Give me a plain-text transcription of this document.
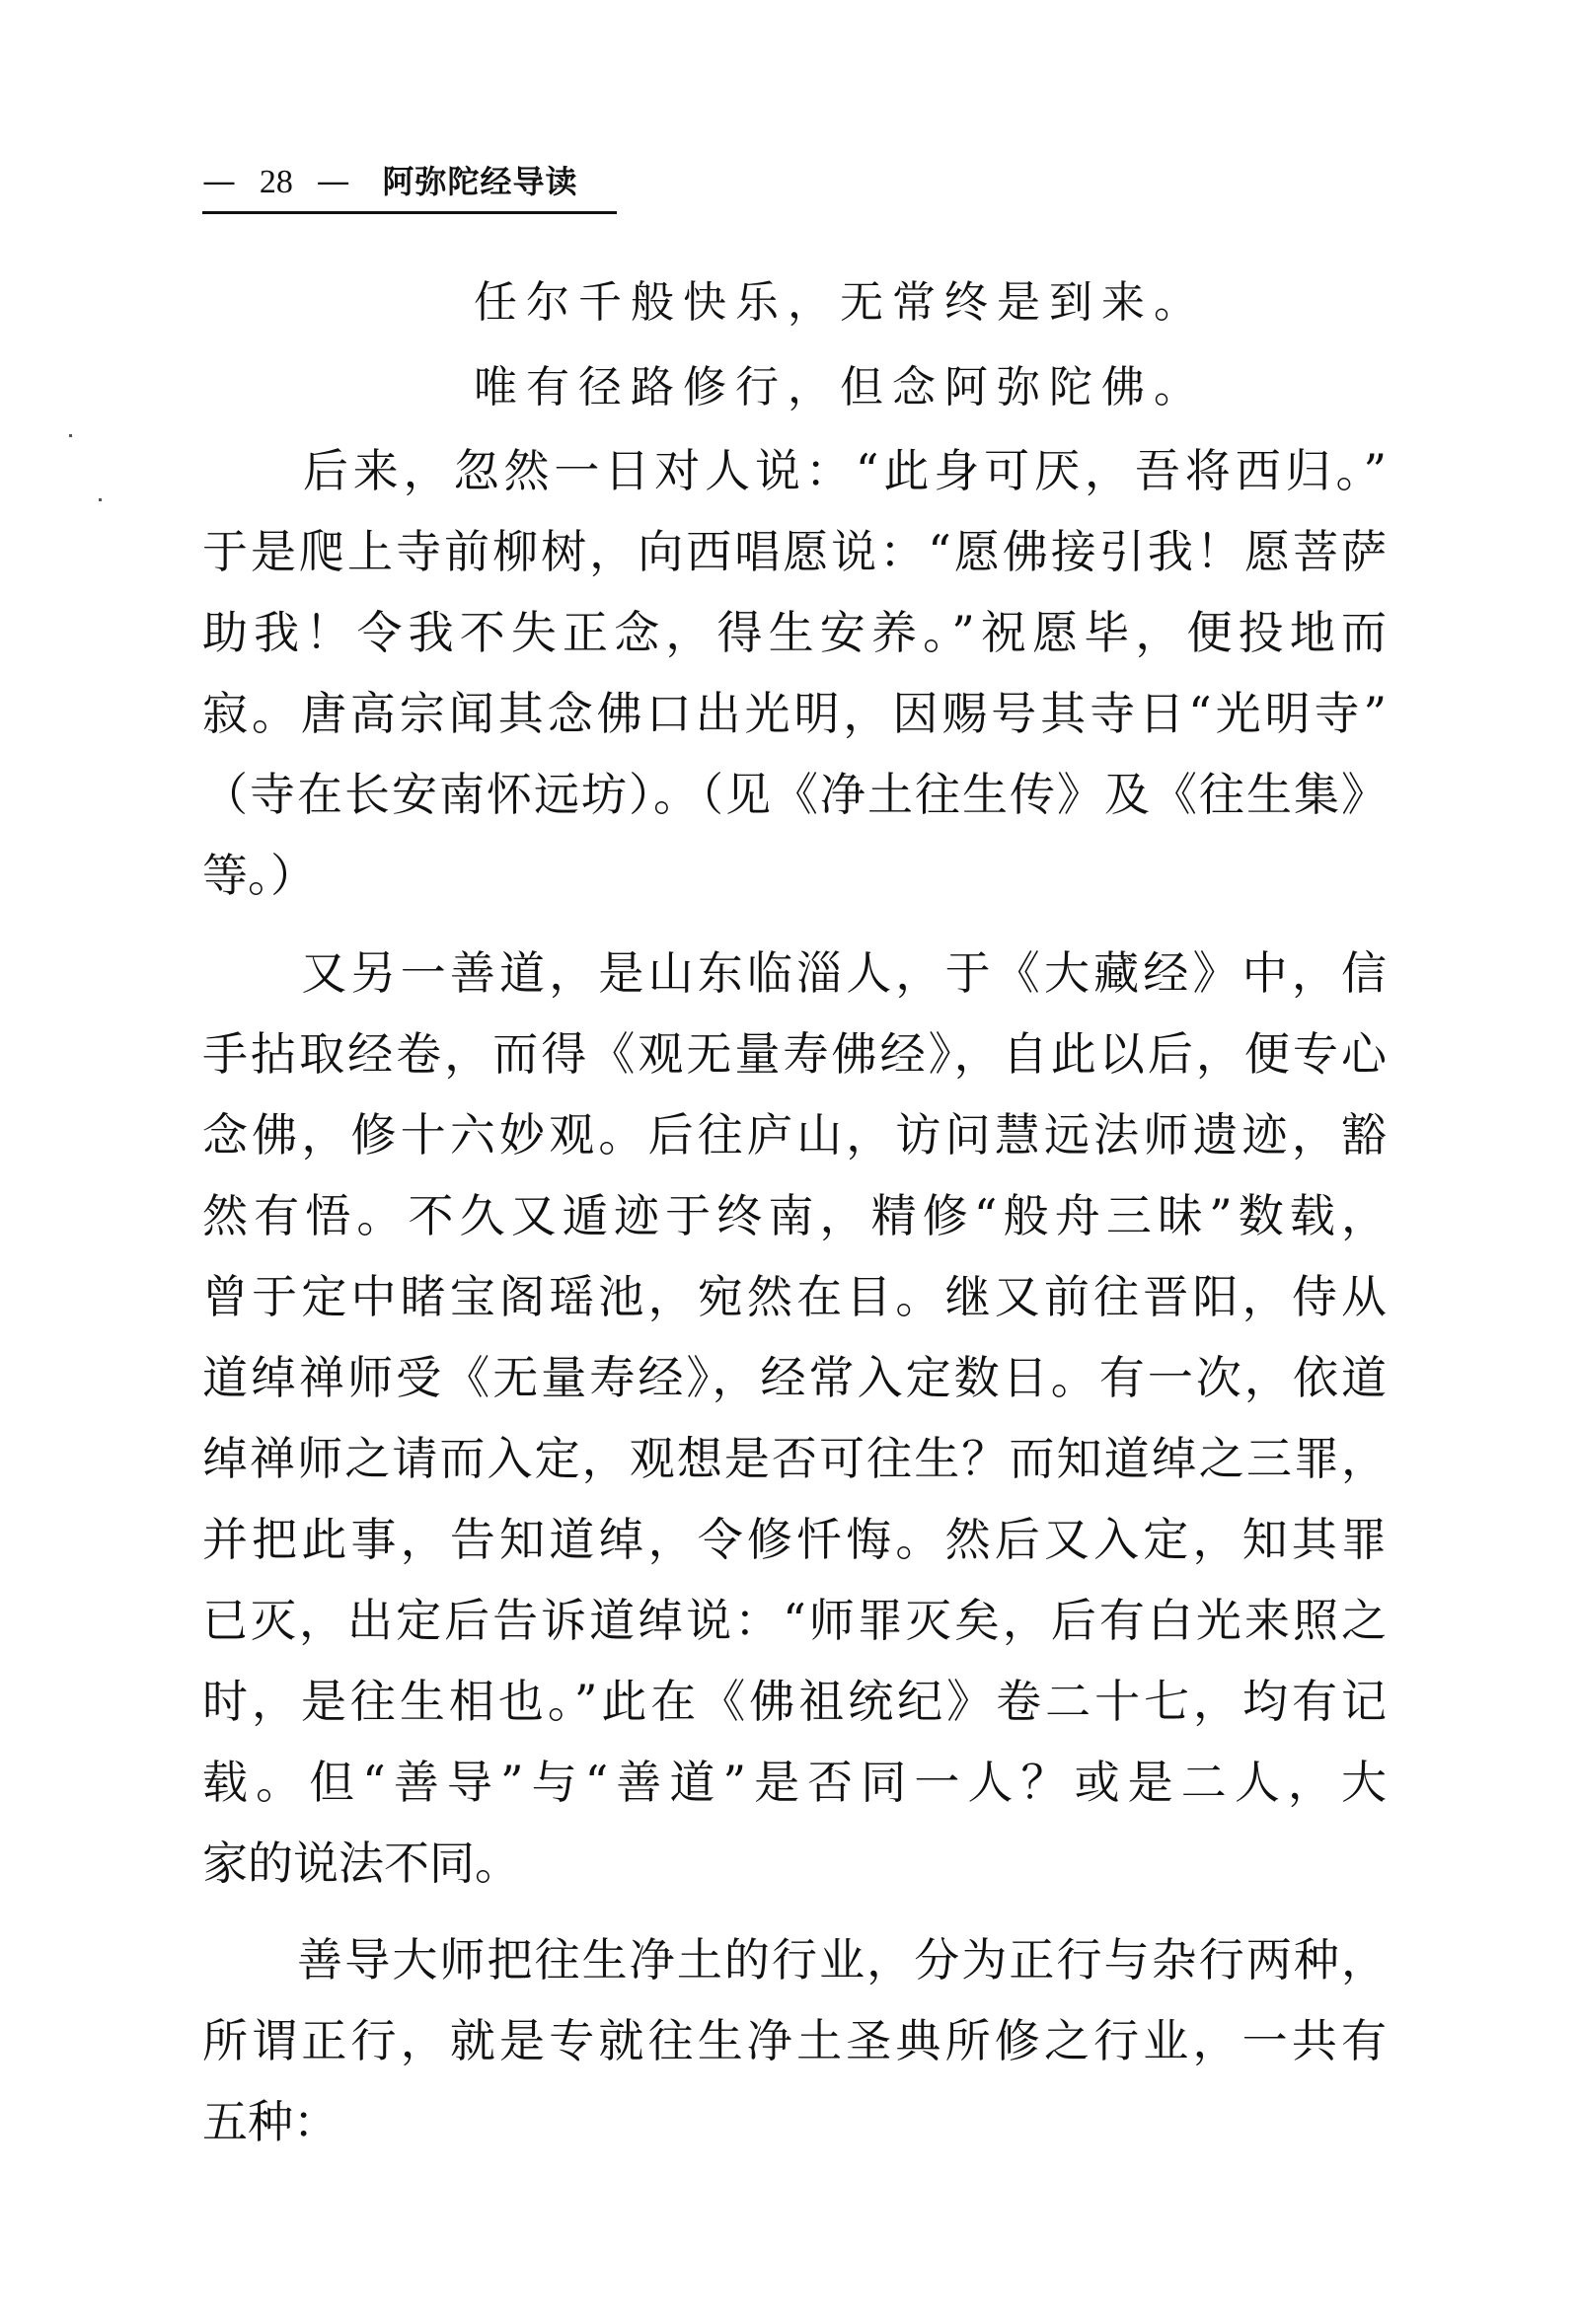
— 28 — 阿弥陀经导读
任尔千般快乐，无常终是到来。
唯有径路修行，但念阿弥陀佛。
　　后来，忽然一日对人说：“此身可厌，吾将西归。”
于是爬上寺前柳树，向西唱愿说：“愿佛接引我！愿菩萨
助我！令我不失正念，得生安养。”祝愿毕，便投地而
寂。唐高宗闻其念佛口出光明，因赐号其寺日“光明寺”
（寺在长安南怀远坊）。（见《净土往生传》及《往生集》
等。）
　　又另一善道，是山东临淄人，于《大藏经》中，信
手拈取经卷，而得《观无量寿佛经》，自此以后，便专心
念佛，修十六妙观。后往庐山，访问慧远法师遗迹，豁
然有悟。不久又遁迹于终南，精修“般舟三昧”数载，
曾于定中睹宝阁瑶池，宛然在目。继又前往晋阳，侍从
道绰禅师受《无量寿经》，经常入定数日。有一次，依道
绰禅师之请而入定，观想是否可往生？而知道绰之三罪，
并把此事，告知道绰，令修忏悔。然后又入定，知其罪
已灭，出定后告诉道绰说：“师罪灭矣，后有白光来照之
时，是往生相也。”此在《佛祖统纪》卷二十七，均有记
载。但“善导”与“善道”是否同一人？或是二人，大
家的说法不同。
　　善导大师把往生净土的行业，分为正行与杂行两种，
所谓正行，就是专就往生净土圣典所修之行业，一共有
五种：
